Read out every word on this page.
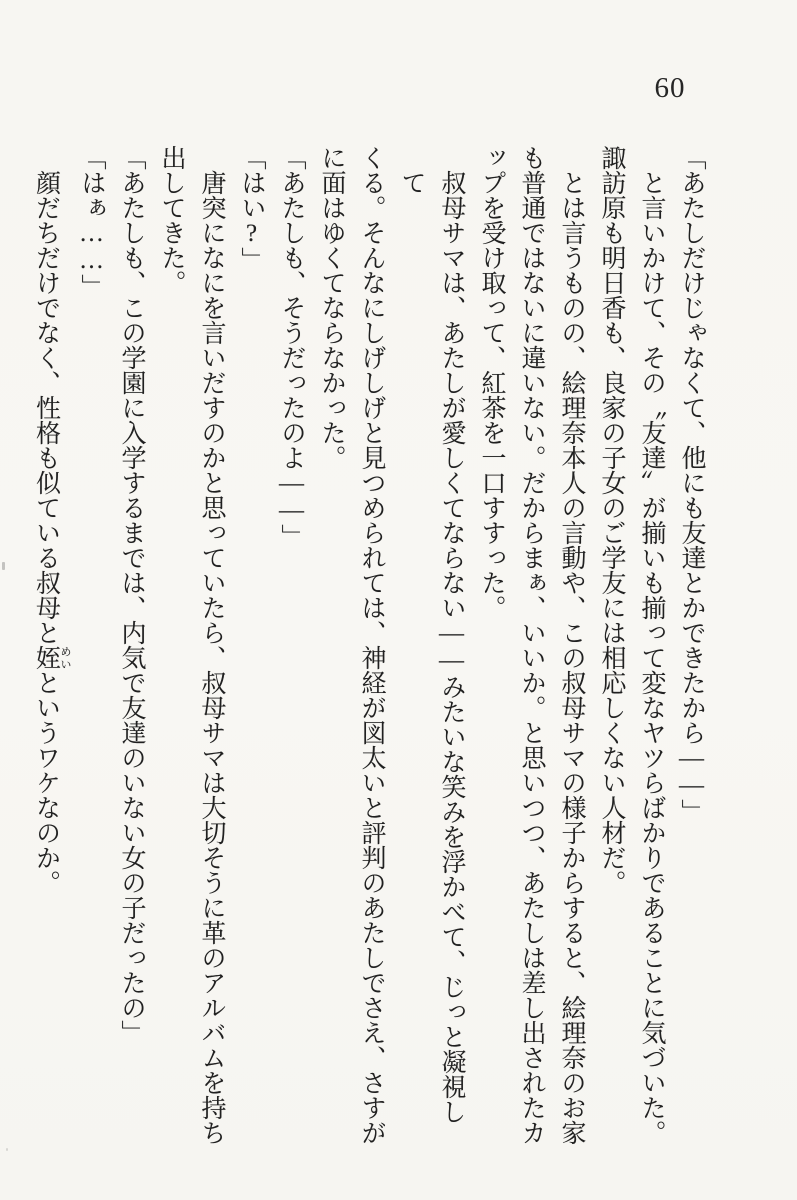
60
「あたしだけじゃなくて、他にも友達とかできたから――」
と言いかけて、その〝友達〟が揃いも揃って変なヤツらばかりであることに気づいた。
諏訪原も明日香も、良家の子女のご学友には相応しくない人材だ。
とは言うものの、絵理奈本人の言動や、この叔母サマの様子からすると、絵理奈のお家
も普通ではないに違いない。だからまぁ、いいか。と思いつつ、あたしは差し出されたカ
ップを受け取って、紅茶を一口すすった。
叔母サマは、あたしが愛しくてならない――みたいな笑みを浮かべて、じっと凝視して
くる。そんなにしげしげと見つめられては、神経が図太いと評判のあたしでさえ、さすが
に面はゆくてならなかった。
「あたしも、そうだったのよ――」
「はい?」
唐突になにを言いだすのかと思っていたら、叔母サマは大切そうに革のアルバムを持ち
出してきた。
「あたしも、この学園に入学するまでは、内気で友達のいない女の子だったの」
「はぁ……」
顔だちだけでなく、性格も似ている叔母と姪 めいというワケなのか。
